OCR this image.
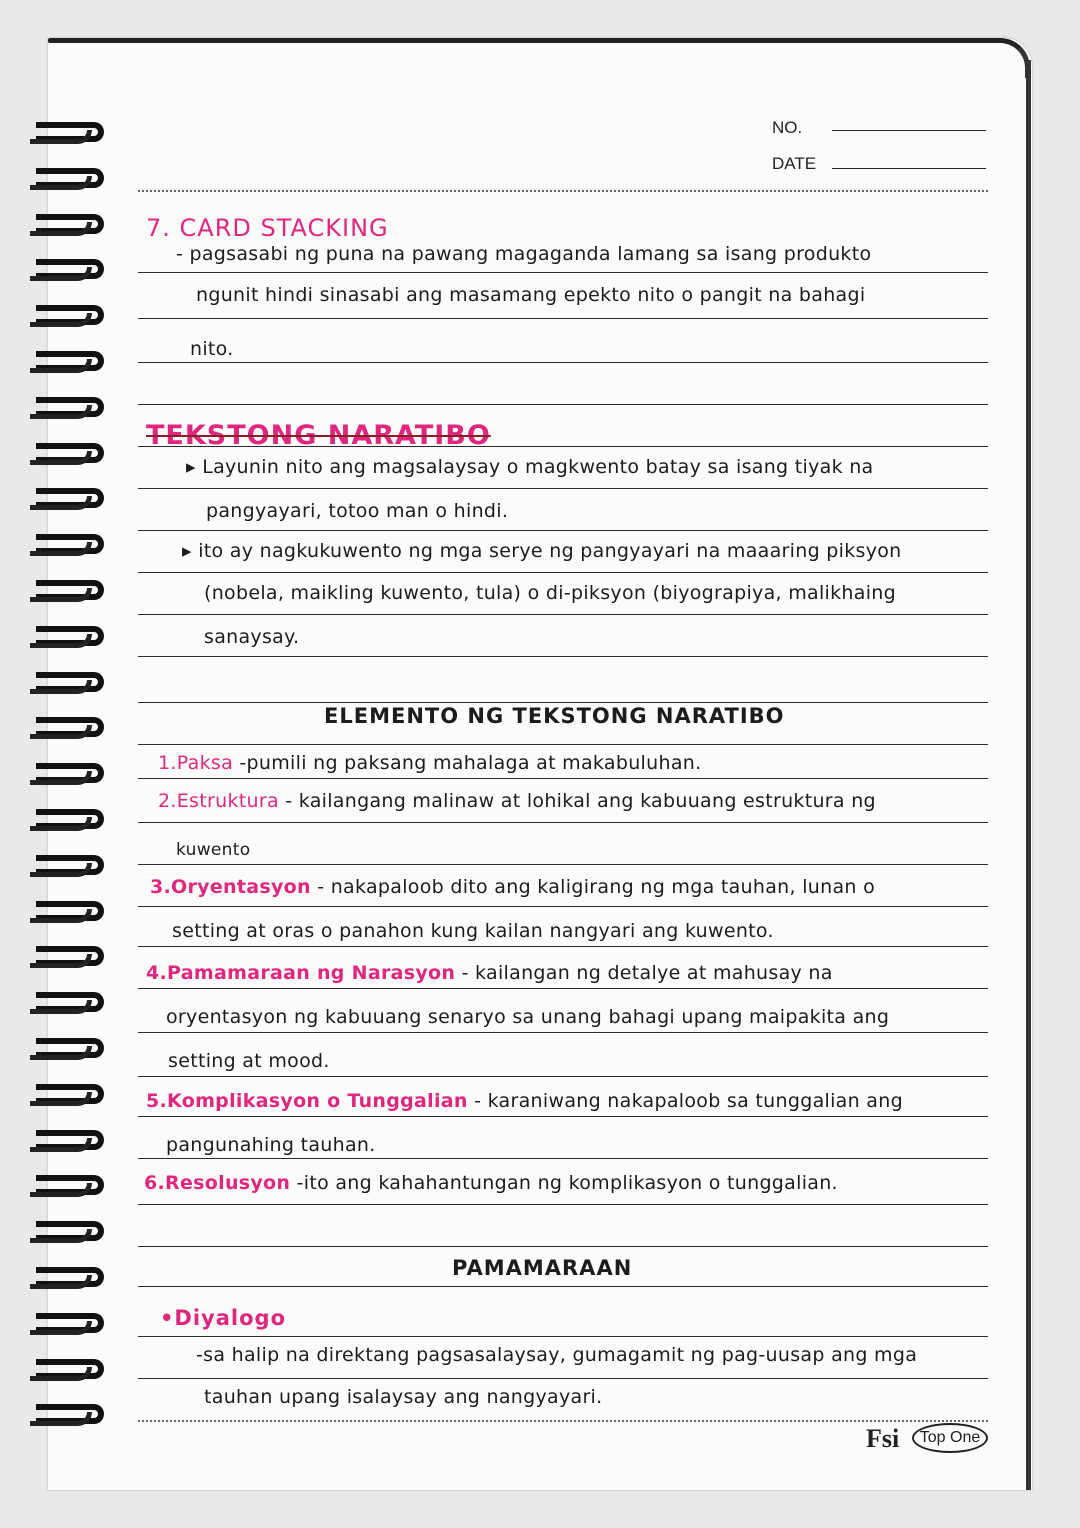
NO.
DATE
7. CARD STACKING
- pagsasabi ng puna na pawang magaganda lamang sa isang produkto
ngunit hindi sinasabi ang masamang epekto nito o pangit na bahagi
nito.
TEKSTONG NARATIBO
▸ Layunin nito ang magsalaysay o magkwento batay sa isang tiyak na
pangyayari, totoo man o hindi.
▸ ito ay nagkukuwento ng mga serye ng pangyayari na maaaring piksyon
(nobela, maikling kuwento, tula) o di-piksyon (biyograpiya, malikhaing
sanaysay.
ELEMENTO NG TEKSTONG NARATIBO
1.Paksa -pumili ng paksang mahalaga at makabuluhan.
2.Estruktura - kailangang malinaw at lohikal ang kabuuang estruktura ng
kuwento
3.Oryentasyon - nakapaloob dito ang kaligirang ng mga tauhan, lunan o
setting at oras o panahon kung kailan nangyari ang kuwento.
4.Pamamaraan ng Narasyon - kailangan ng detalye at mahusay na
oryentasyon ng kabuuang senaryo sa unang bahagi upang maipakita ang
setting at mood.
5.Komplikasyon o Tunggalian - karaniwang nakapaloob sa tunggalian ang
pangunahing tauhan.
6.Resolusyon -ito ang kahahantungan ng komplikasyon o tunggalian.
PAMAMARAAN
•Diyalogo
-sa halip na direktang pagsasalaysay, gumagamit ng pag-uusap ang mga
tauhan upang isalaysay ang nangyayari.
Fsi	Top One
